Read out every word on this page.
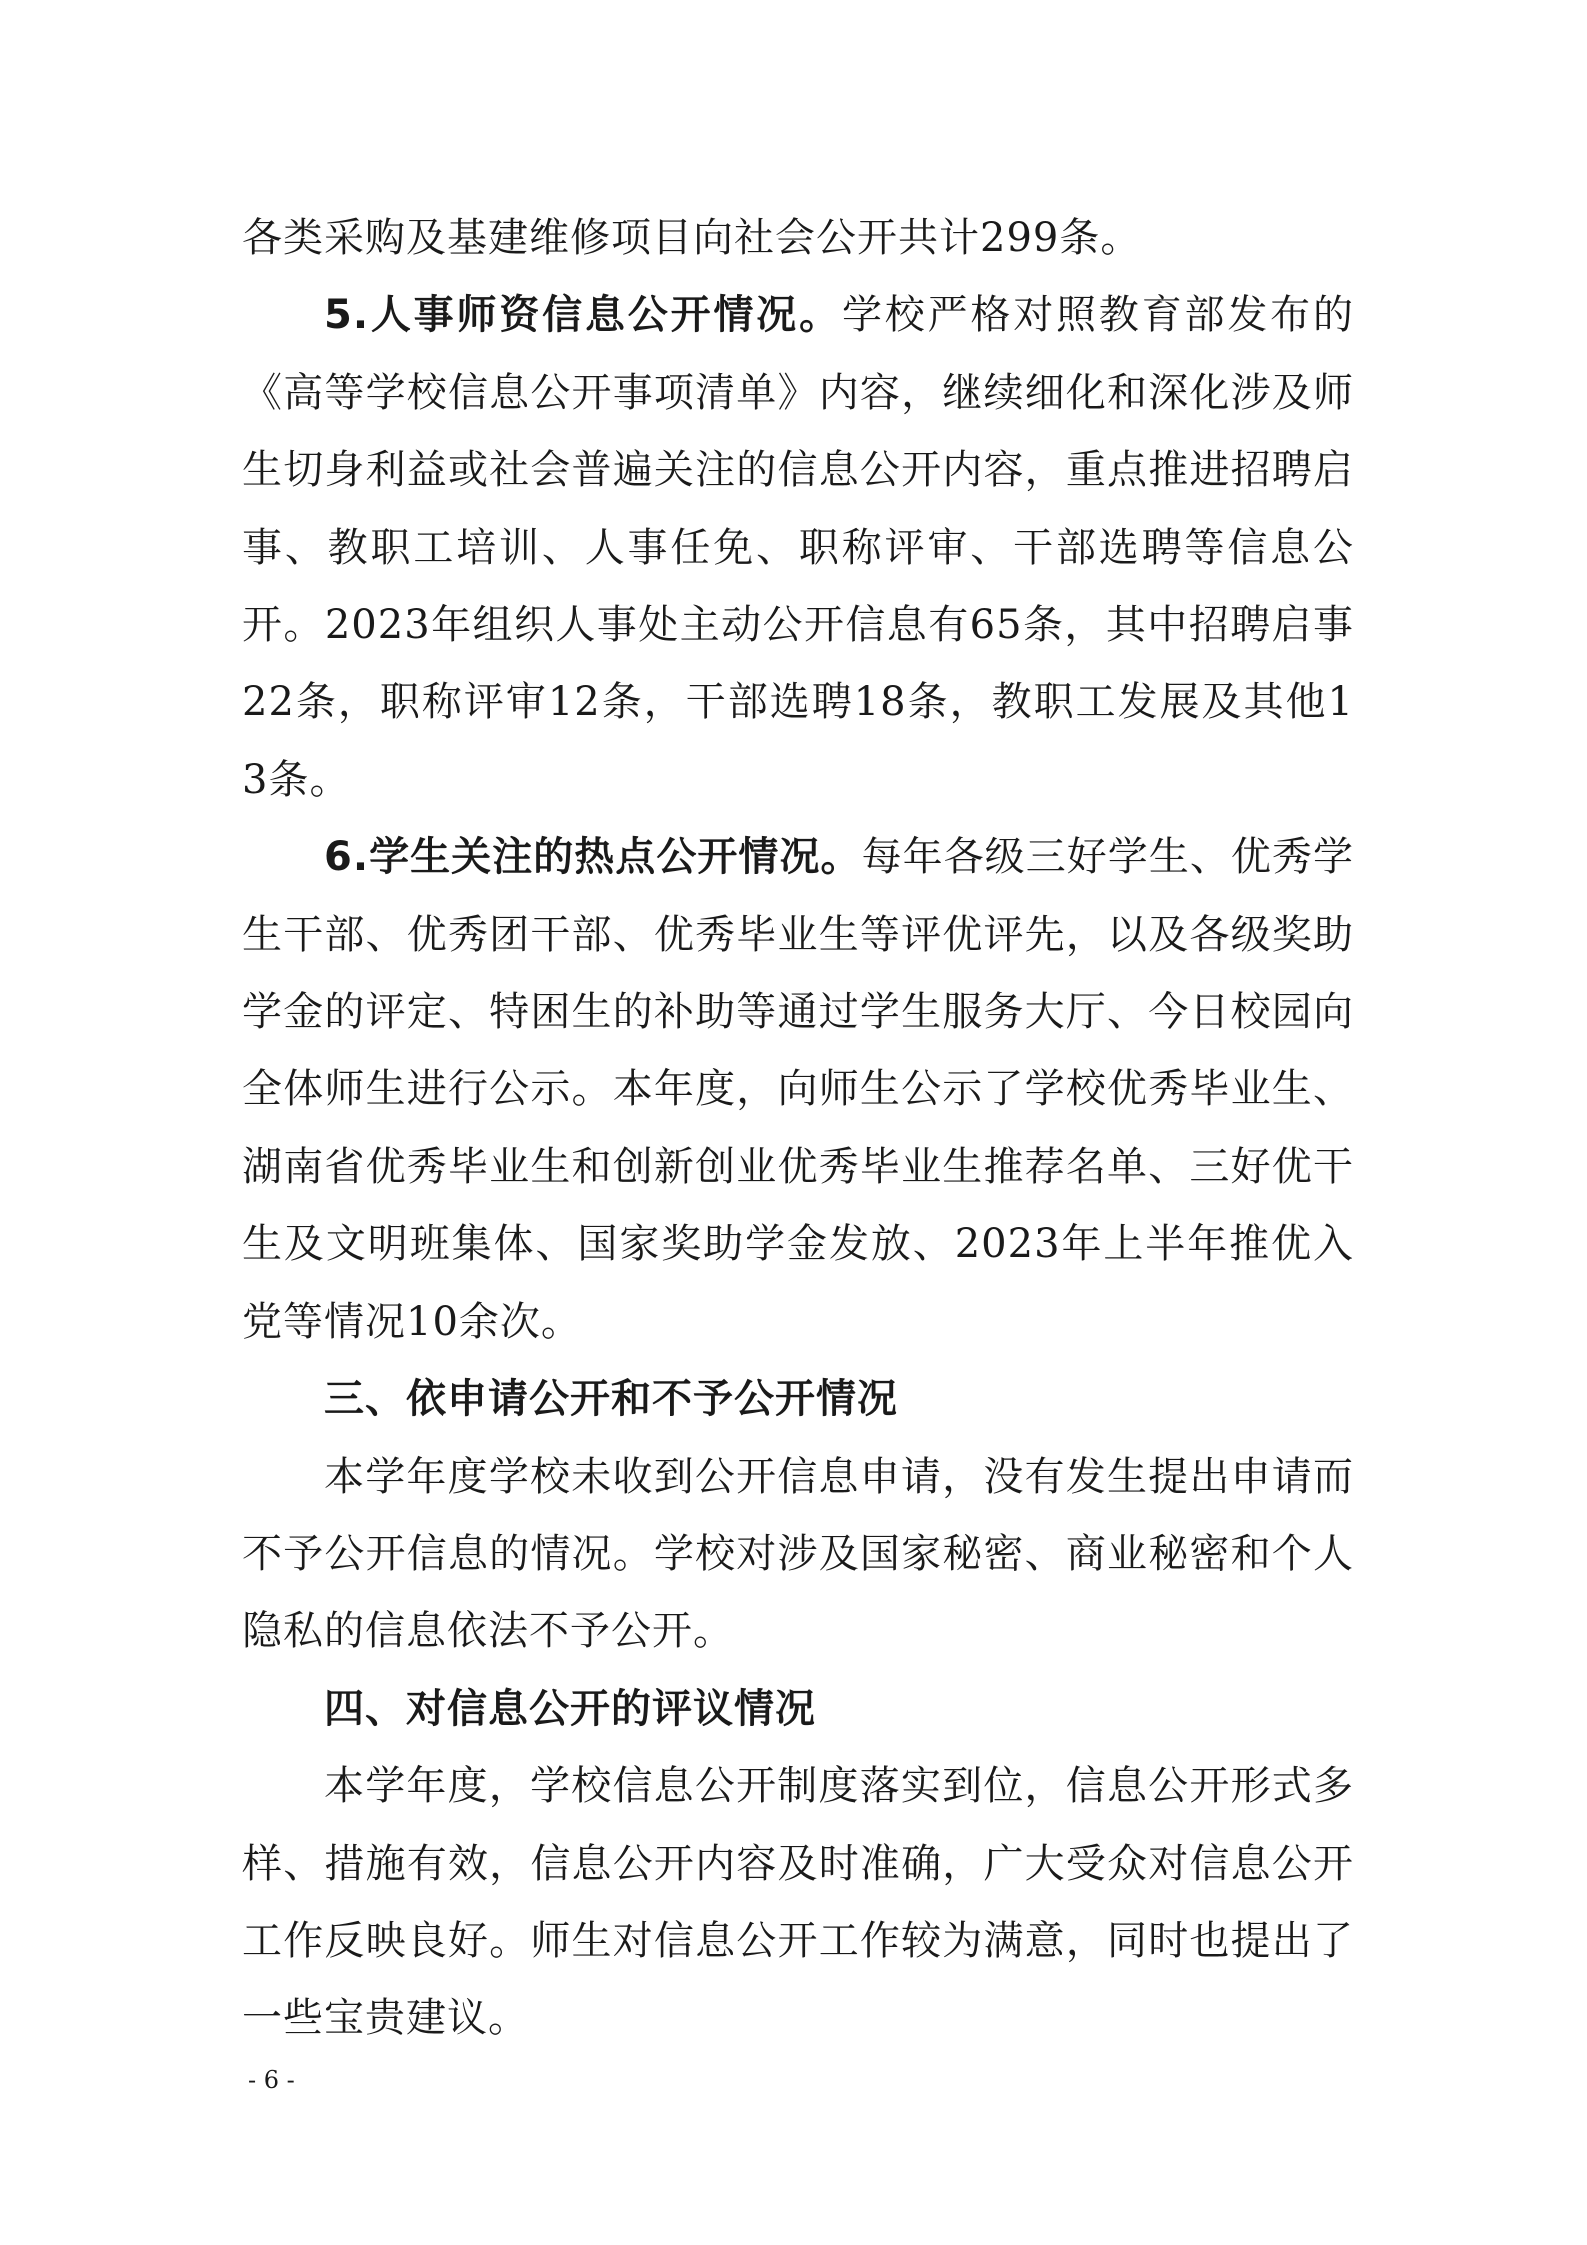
各类采购及基建维修项目向社会公开共计299条。

5.人事师资信息公开情况。学校严格对照教育部发布的《高等学校信息公开事项清单》内容，继续细化和深化涉及师生切身利益或社会普遍关注的信息公开内容，重点推进招聘启事、教职工培训、人事任免、职称评审、干部选聘等信息公开。2023年组织人事处主动公开信息有65条，其中招聘启事22条，职称评审12条，干部选聘18条，教职工发展及其他13条。

6.学生关注的热点公开情况。每年各级三好学生、优秀学生干部、优秀团干部、优秀毕业生等评优评先，以及各级奖助学金的评定、特困生的补助等通过学生服务大厅、今日校园向全体师生进行公示。本年度，向师生公示了学校优秀毕业生、湖南省优秀毕业生和创新创业优秀毕业生推荐名单、三好优干生及文明班集体、国家奖助学金发放、2023年上半年推优入党等情况10余次。

三、依申请公开和不予公开情况

本学年度学校未收到公开信息申请，没有发生提出申请而不予公开信息的情况。学校对涉及国家秘密、商业秘密和个人隐私的信息依法不予公开。

四、对信息公开的评议情况

本学年度，学校信息公开制度落实到位，信息公开形式多样、措施有效，信息公开内容及时准确，广大受众对信息公开工作反映良好。师生对信息公开工作较为满意，同时也提出了一些宝贵建议。

- 6 -
